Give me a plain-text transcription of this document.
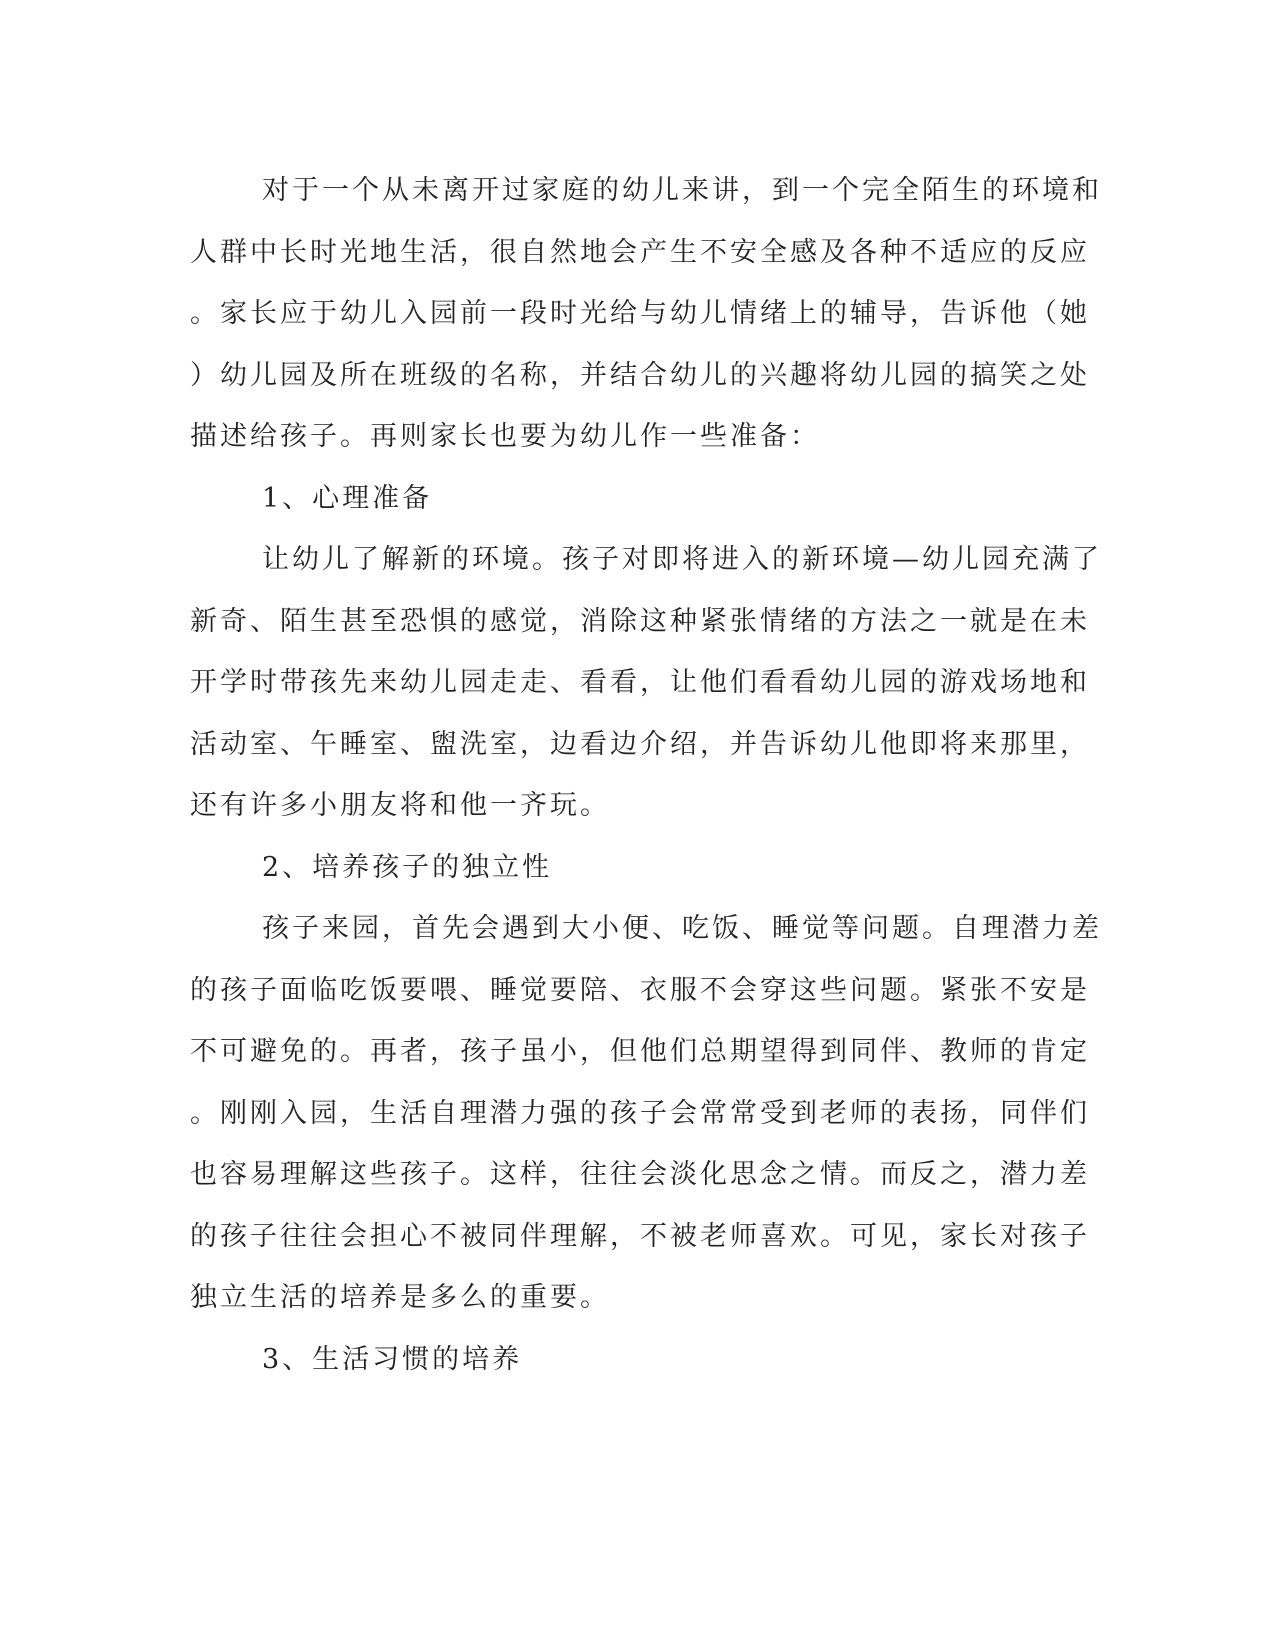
对于一个从未离开过家庭的幼儿来讲，到一个完全陌生的环境和
人群中长时光地生活，很自然地会产生不安全感及各种不适应的反应
。家长应于幼儿入园前一段时光给与幼儿情绪上的辅导，告诉他（她
）幼儿园及所在班级的名称，并结合幼儿的兴趣将幼儿园的搞笑之处
描述给孩子。再则家长也要为幼儿作一些准备：
1、心理准备
让幼儿了解新的环境。孩子对即将进入的新环境—幼儿园充满了
新奇、陌生甚至恐惧的感觉，消除这种紧张情绪的方法之一就是在未
开学时带孩先来幼儿园走走、看看，让他们看看幼儿园的游戏场地和
活动室、午睡室、盥洗室，边看边介绍，并告诉幼儿他即将来那里，
还有许多小朋友将和他一齐玩。
2、培养孩子的独立性
孩子来园，首先会遇到大小便、吃饭、睡觉等问题。自理潜力差
的孩子面临吃饭要喂、睡觉要陪、衣服不会穿这些问题。紧张不安是
不可避免的。再者，孩子虽小，但他们总期望得到同伴、教师的肯定
。刚刚入园，生活自理潜力强的孩子会常常受到老师的表扬，同伴们
也容易理解这些孩子。这样，往往会淡化思念之情。而反之，潜力差
的孩子往往会担心不被同伴理解，不被老师喜欢。可见，家长对孩子
独立生活的培养是多么的重要。
3、生活习惯的培养
